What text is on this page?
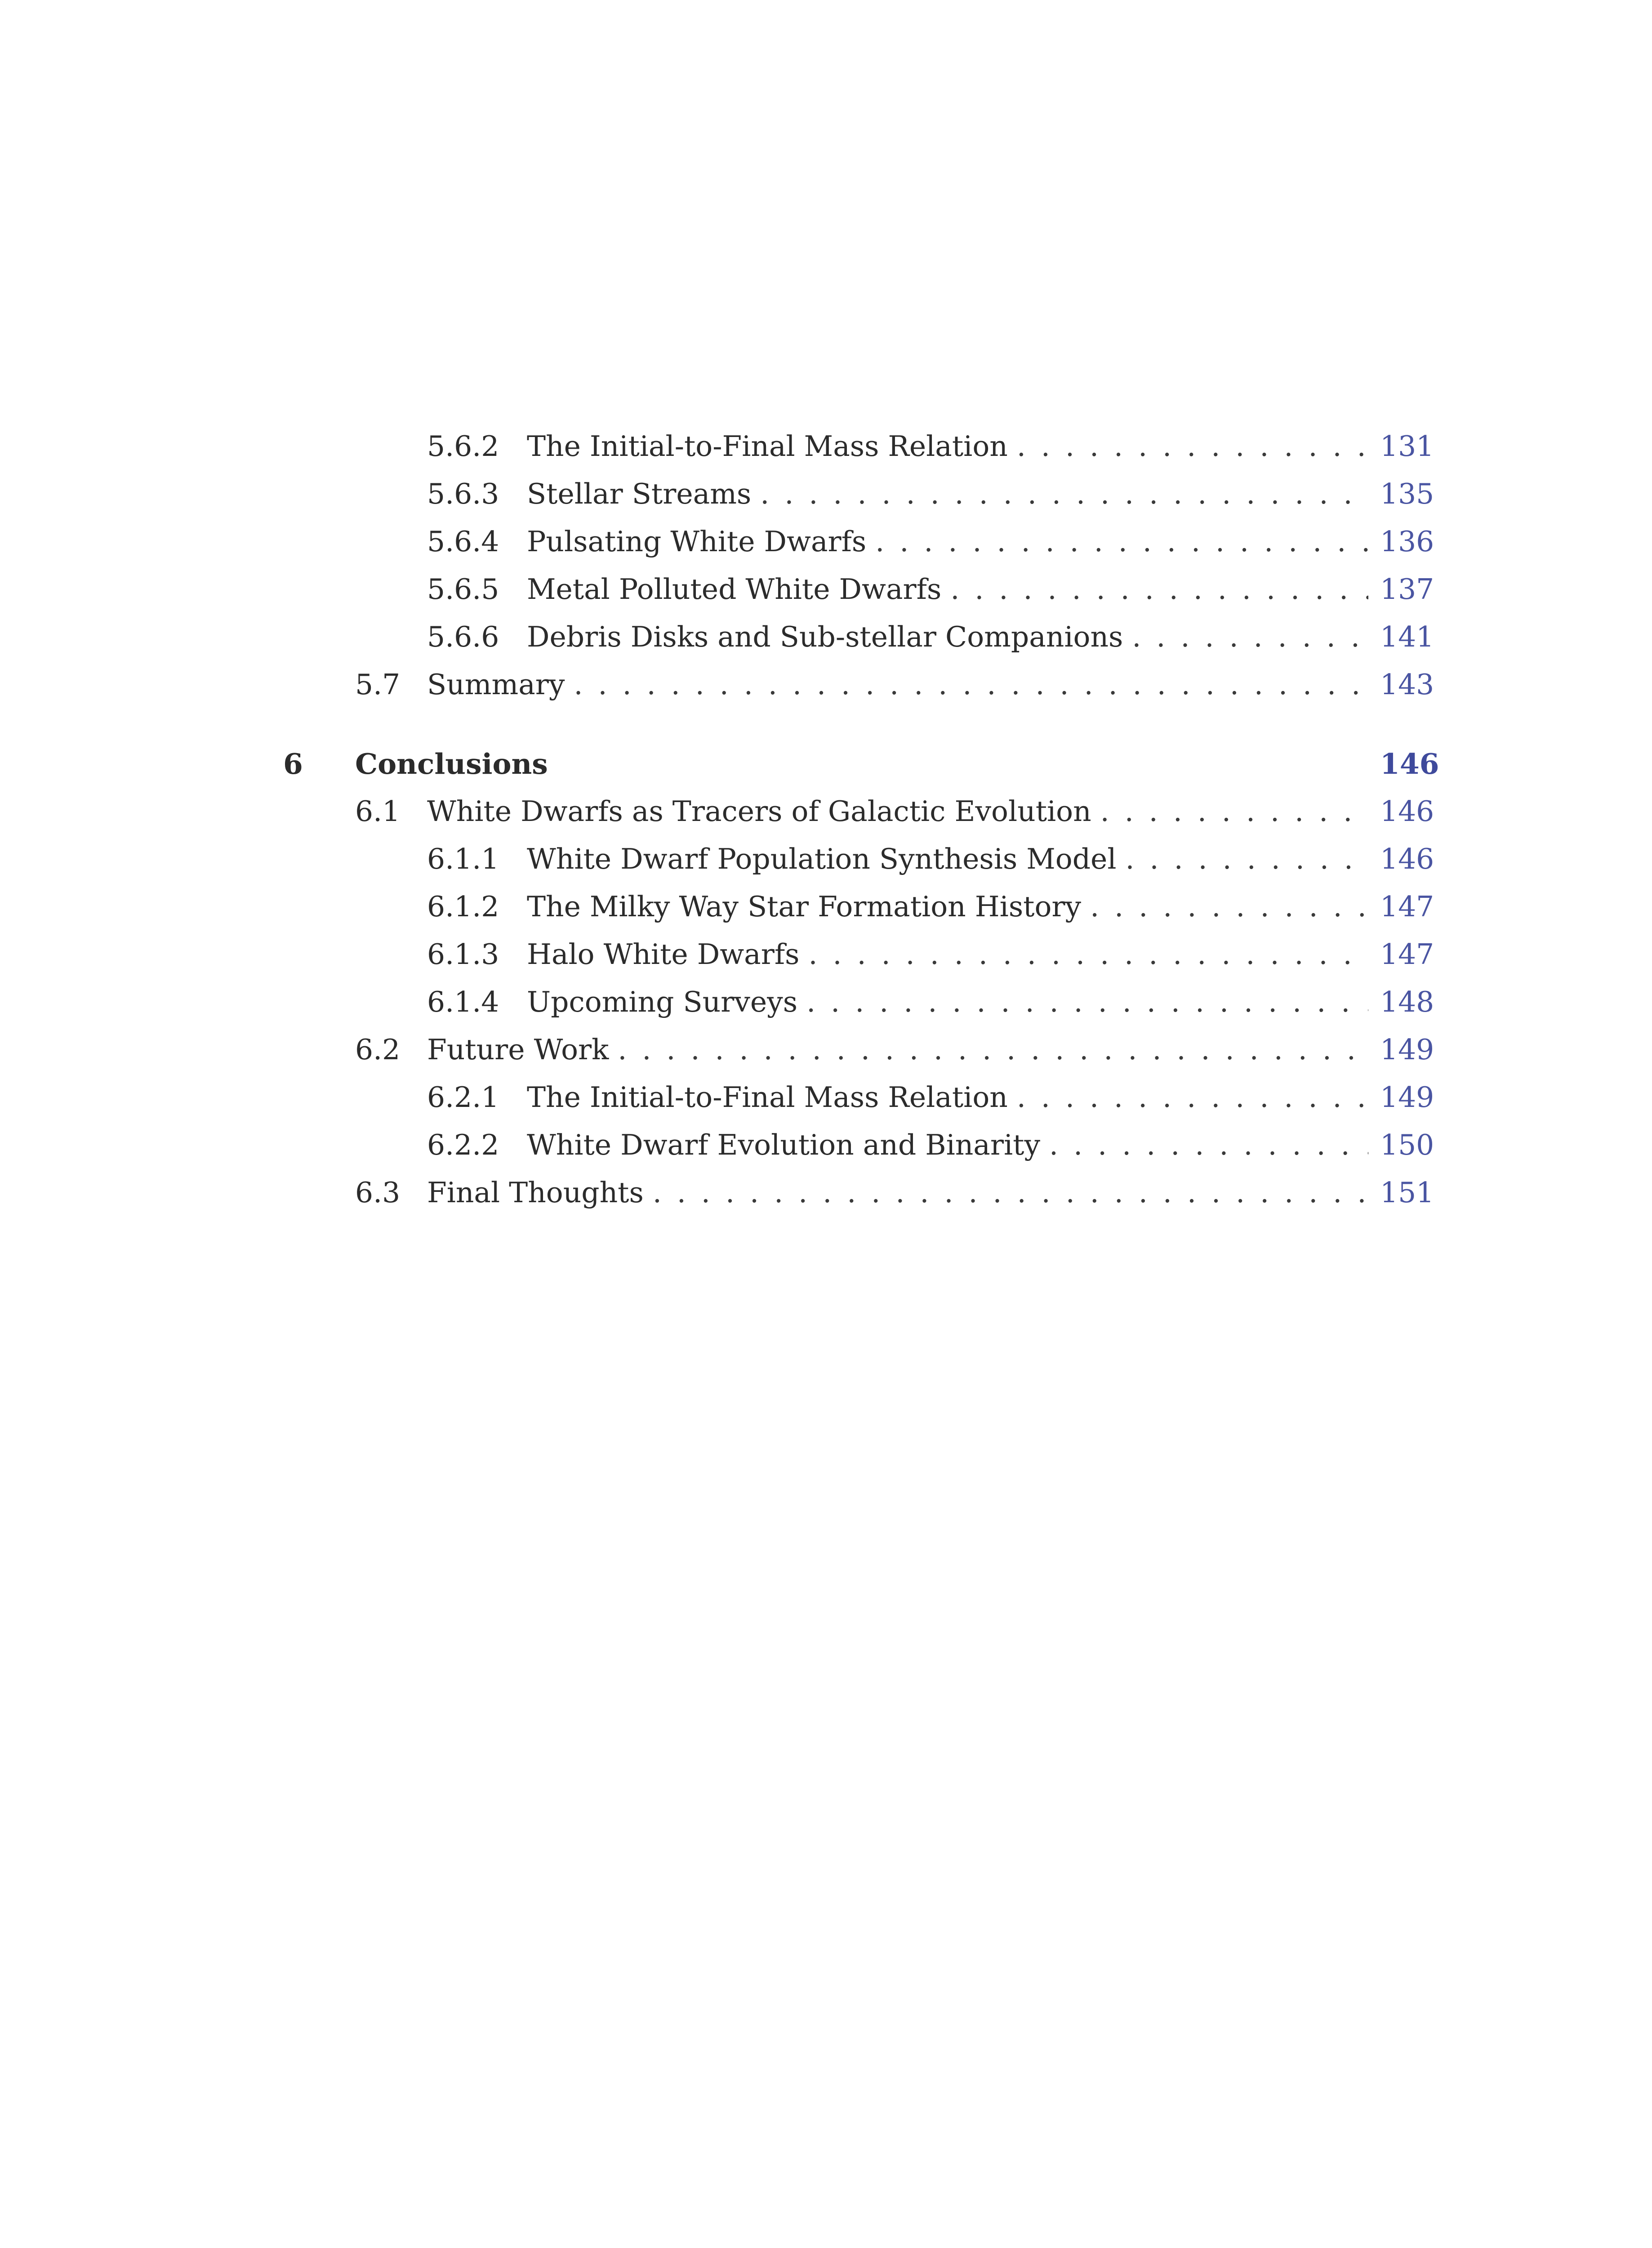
5.6.2 The Initial-to-Final Mass Relation . . .	131
5.6.3 Stellar Streams . . .	135
5.6.4 Pulsating White Dwarfs . . .	136
5.6.5 Metal Polluted White Dwarfs . . .	137
5.6.6 Debris Disks and Sub-stellar Companions . . .	141
5.7 Summary . . .	143
6	Conclusions	146
6.1 White Dwarfs as Tracers of Galactic Evolution . . .	146
6.1.1 White Dwarf Population Synthesis Model . . .	146
6.1.2 The Milky Way Star Formation History . . .	147
6.1.3 Halo White Dwarfs . . .	147
6.1.4 Upcoming Surveys . . .	148
6.2 Future Work . . .	149
6.2.1 The Initial-to-Final Mass Relation . . .	149
6.2.2 White Dwarf Evolution and Binarity . . .	150
6.3 Final Thoughts . . .	151
